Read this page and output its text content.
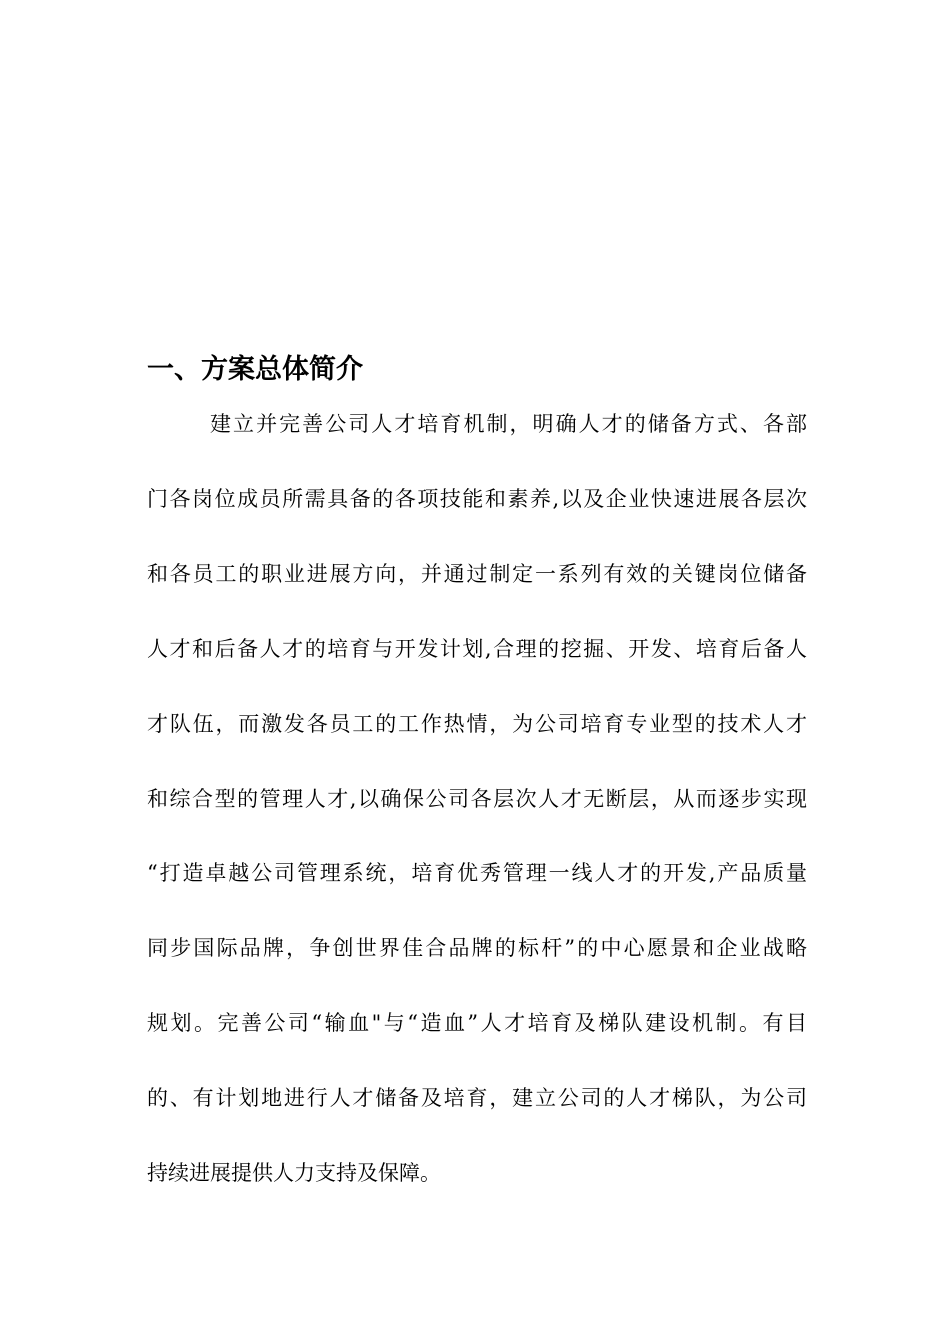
一、方案总体简介
建立并完善公司人才培育机制，明确人才的储备方式、各部
门各岗位成员所需具备的各项技能和素养,以及企业快速进展各层次
和各员工的职业进展方向，并通过制定一系列有效的关键岗位储备
人才和后备人才的培育与开发计划,合理的挖掘、开发、培育后备人
才队伍，而激发各员工的工作热情，为公司培育专业型的技术人才
和综合型的管理人才,以确保公司各层次人才无断层，从而逐步实现
“打造卓越公司管理系统，培育优秀管理一线人才的开发,产品质量
同步国际品牌，争创世界佳合品牌的标杆”的中心愿景和企业战略
规划。完善公司“输血"与“造血”人才培育及梯队建设机制。有目
的、有计划地进行人才储备及培育，建立公司的人才梯队，为公司
持续进展提供人力支持及保障。
